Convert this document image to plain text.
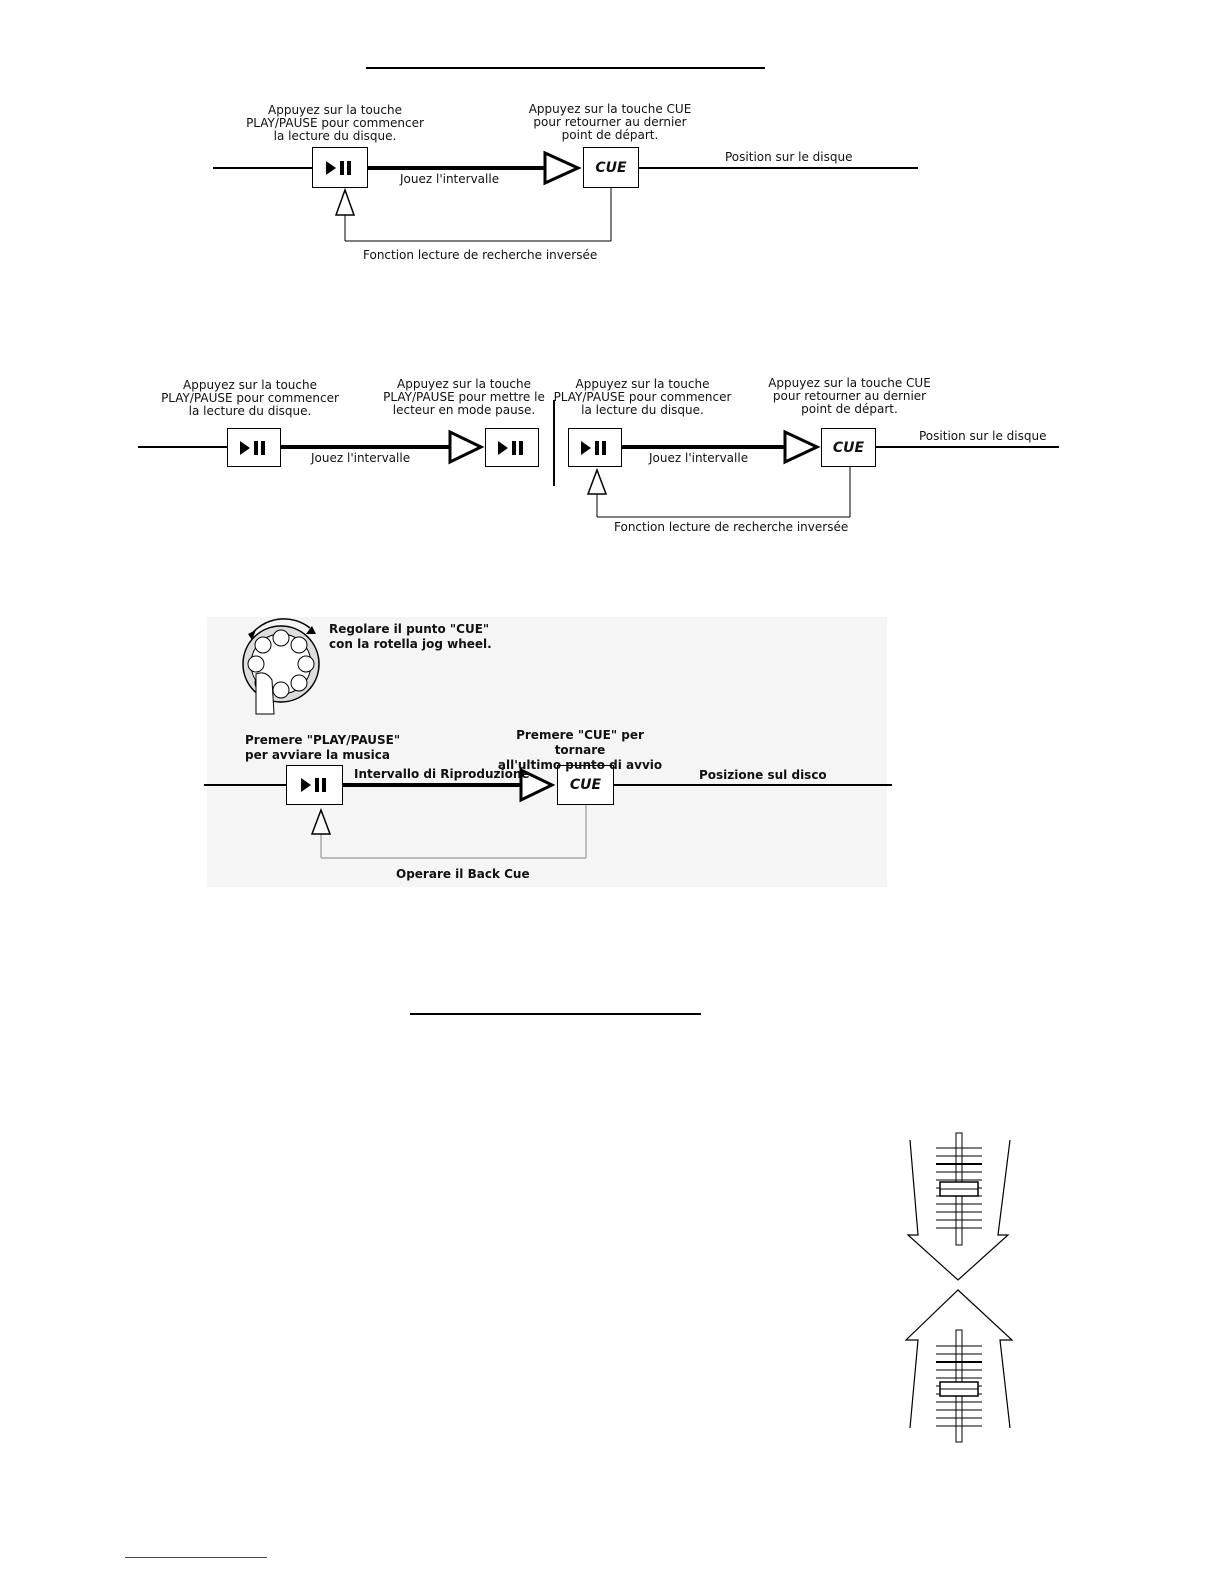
CUE
Appuyez sur la touche
PLAY/PAUSE pour commencer
la lecture du disque.
Appuyez sur la touche CUE
pour retourner au dernier
point de départ.
Position sur le disque
Jouez l'intervalle
Fonction lecture de recherche inversée
CUE
Appuyez sur la touche
PLAY/PAUSE pour commencer
la lecture du disque.
Appuyez sur la touche
PLAY/PAUSE pour mettre le
lecteur en mode pause.
Appuyez sur la touche
PLAY/PAUSE pour commencer
la lecture du disque.
Appuyez sur la touche CUE
pour retourner au dernier
point de départ.
Position sur le disque
Jouez l'intervalle	Jouez l'intervalle
Fonction lecture de recherche inversée
CUE
Regolare il punto "CUE"
con la rotella jog wheel.
Premere "PLAY/PAUSE"
per avviare la musica
Premere "CUE" per tornare
all'ultimo punto di avvio
Posizione sul disco
Intervallo di Riproduzione
Operare il Back Cue
